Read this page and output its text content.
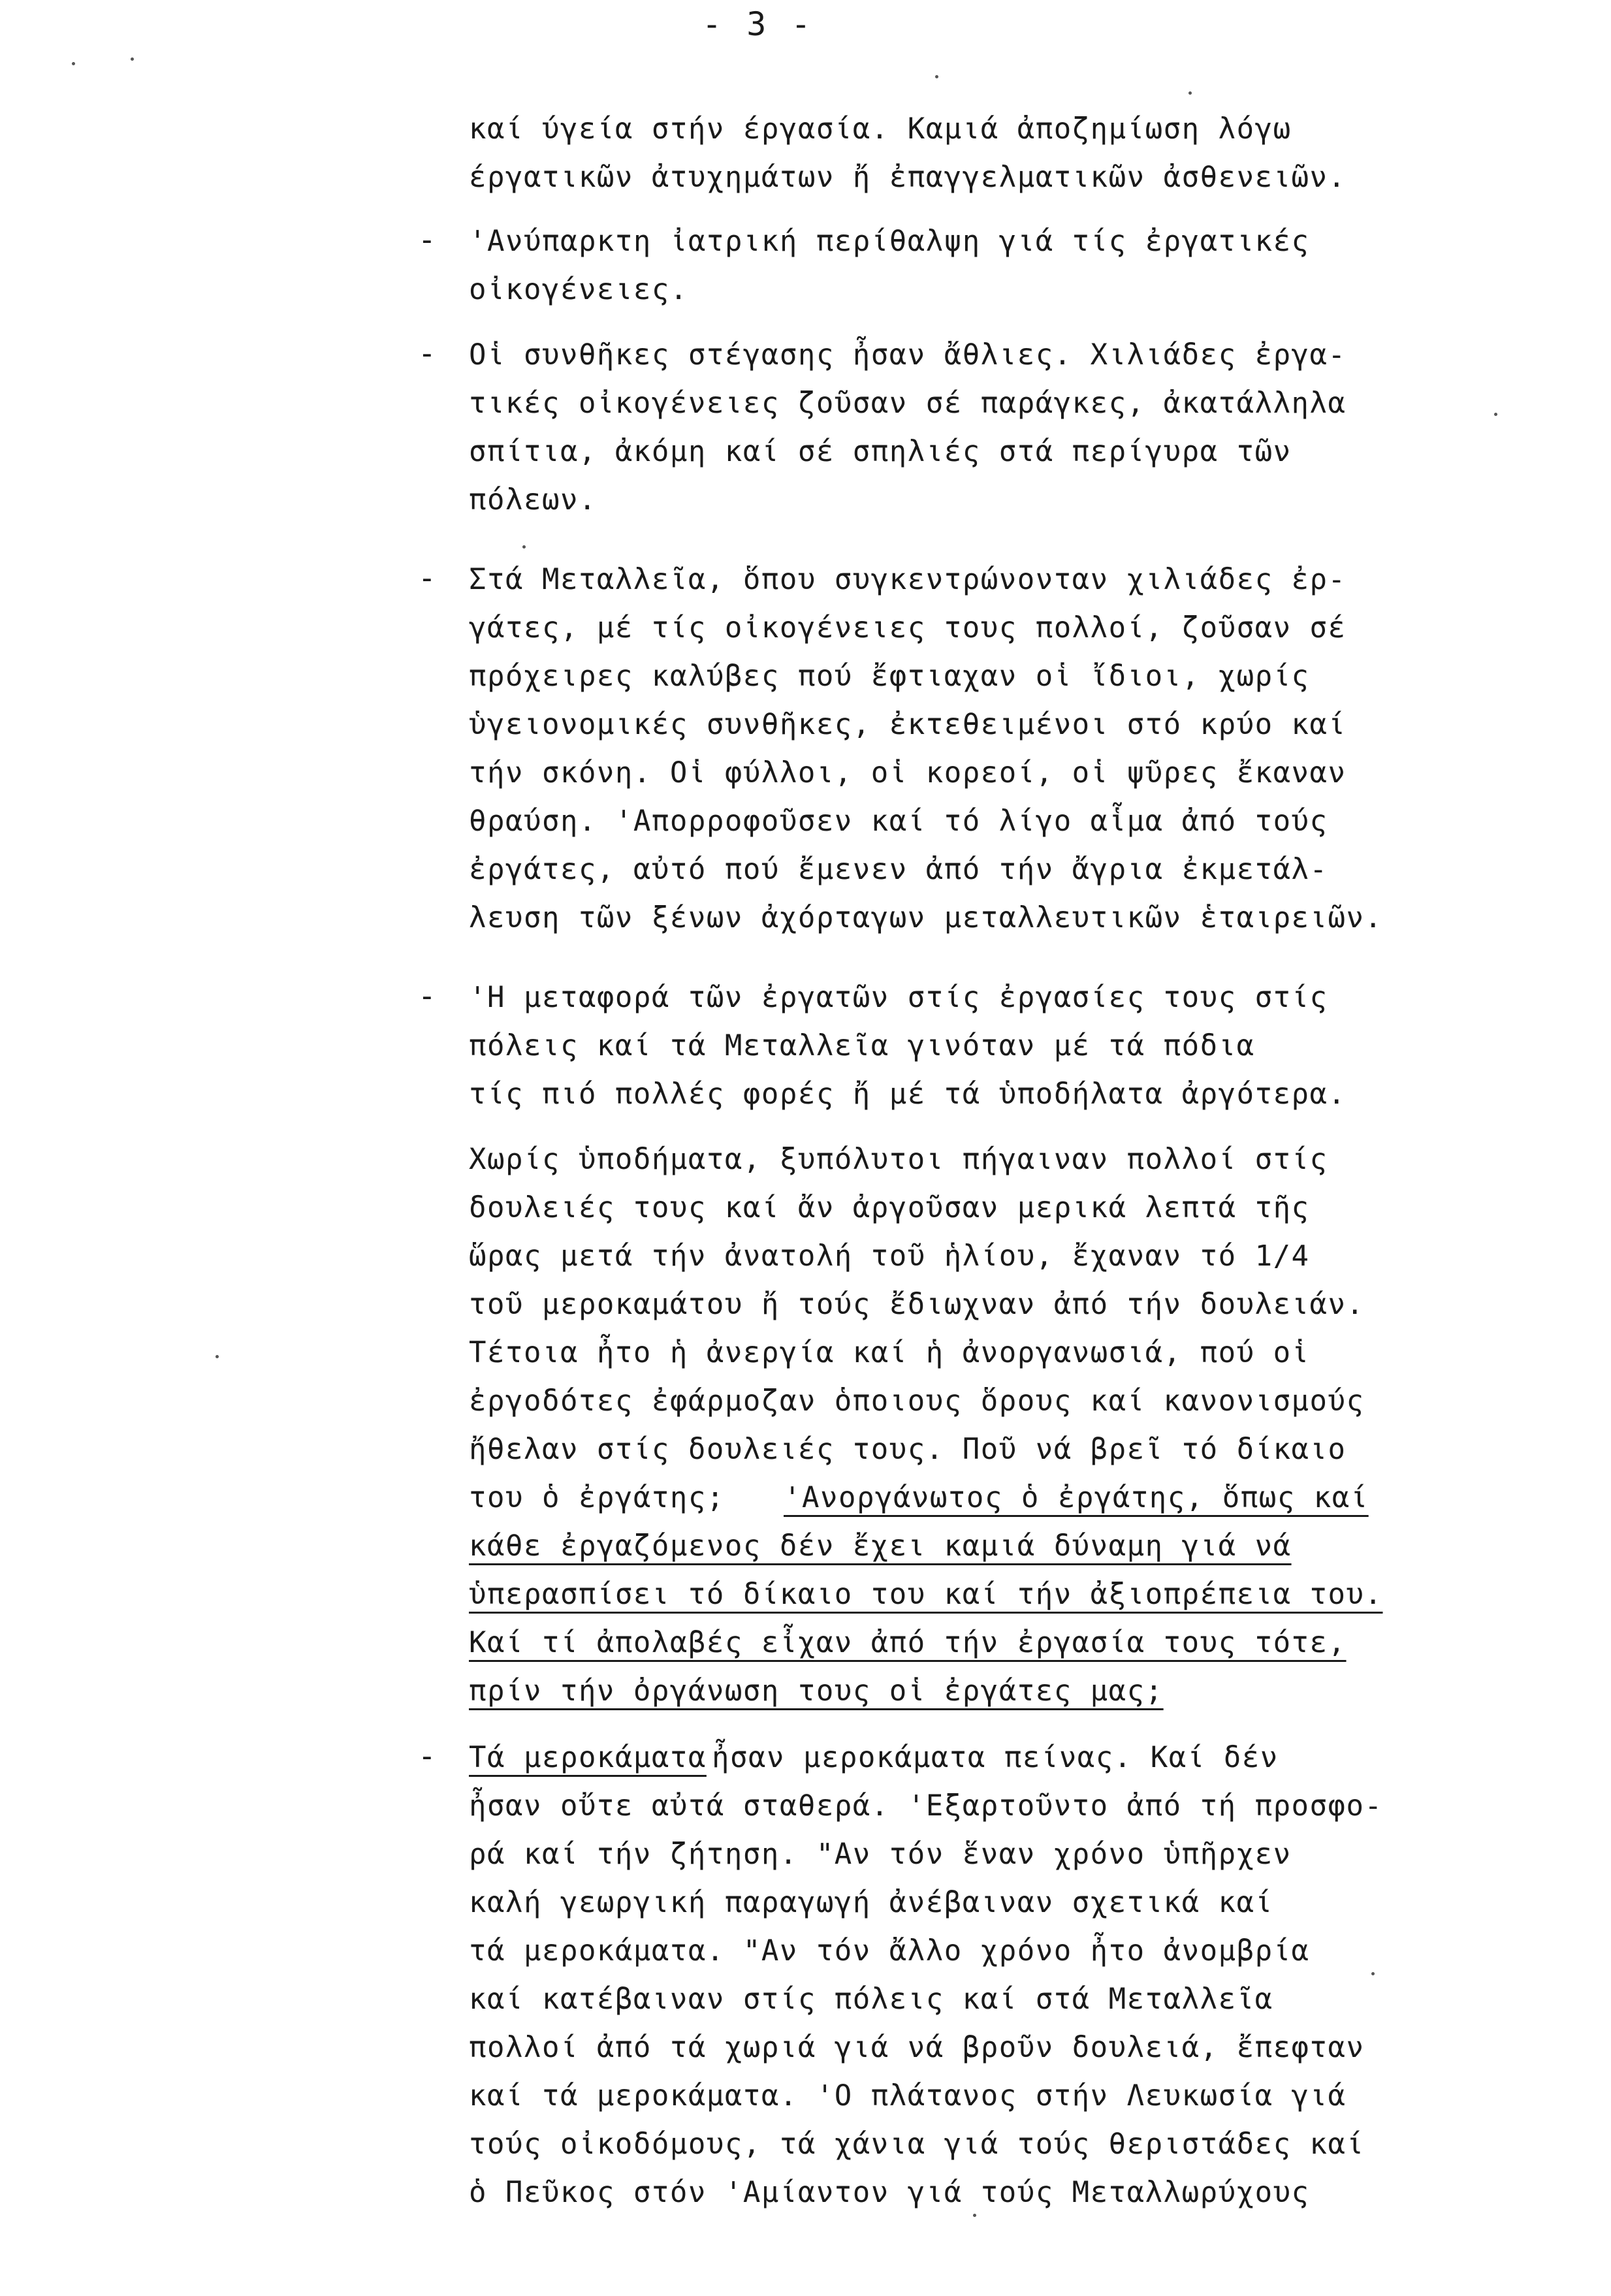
- 3 -
-
-
-
-
-
καί ύγεία στήν έργασία. Καμιά ἀποζημίωση λόγω
έργατικῶν ἀτυχημάτων ἤ ἐπαγγελματικῶν ἀσθενειῶν.
'Ανύπαρκτη ἰατρική περίθαλψη γιά τίς ἐργατικές
οἰκογένειες.
Οἱ συνθῆκες στέγασης ἦσαν ἄθλιες. Χιλιάδες ἐργα-
τικές οἰκογένειες ζοῦσαν σέ παράγκες, ἀκατάλληλα
σπίτια, ἀκόμη καί σέ σπηλιές στά περίγυρα τῶν
πόλεων.
Στά Μεταλλεῖα, ὅπου συγκεντρώνονταν χιλιάδες ἐρ-
γάτες, μέ τίς οἰκογένειες τους πολλοί, ζοῦσαν σέ
πρόχειρες καλύβες πού ἔφτιαχαν οἱ ἴδιοι, χωρίς
ὑγειονομικές συνθῆκες, ἐκτεθειμένοι στό κρύο καί
τήν σκόνη. Οἱ φύλλοι, οἱ κορεοί, οἱ ψῦρες ἔκαναν
θραύση. 'Απορροφοῦσεν καί τό λίγο αἷμα ἀπό τούς
ἐργάτες, αὐτό πού ἔμενεν ἀπό τήν ἄγρια ἐκμετάλ-
λευση τῶν ξένων ἀχόρταγων μεταλλευτικῶν ἑταιρειῶν.
'Η μεταφορά τῶν ἐργατῶν στίς ἐργασίες τους στίς
πόλεις καί τά Μεταλλεῖα γινόταν μέ τά πόδια
τίς πιό πολλές φορές ἤ μέ τά ὑποδήλατα ἀργότερα.
Χωρίς ὑποδήματα, ξυπόλυτοι πήγαιναν πολλοί στίς
δουλειές τους καί ἄν ἀργοῦσαν μερικά λεπτά τῆς
ὥρας μετά τήν ἀνατολή τοῦ ἡλίου, ἔχαναν τό 1/4
τοῦ μεροκαμάτου ἤ τούς ἔδιωχναν ἀπό τήν δουλειάν.
Τέτοια ἦτο ἡ ἀνεργία καί ἡ ἀνοργανωσιά, πού οἱ
ἐργοδότες ἐφάρμοζαν ὁποιους ὅρους καί κανονισμούς
ἤθελαν στίς δουλειές τους. Ποῦ νά βρεῖ τό δίκαιο
του ὁ ἐργάτης; 'Ανοργάνωτος ὁ ἐργάτης, ὅπως καί
κάθε ἐργαζόμενος δέν ἔχει καμιά δύναμη γιά νά
ὑπερασπίσει τό δίκαιο του καί τήν ἀξιοπρέπεια του.
Καί τί ἀπολαβές εἶχαν ἀπό τήν ἐργασία τους τότε,
πρίν τήν ὀργάνωση τους οἱ ἐργάτες μας;
Τά μεροκάματα ἦσαν μεροκάματα πείνας. Καί δέν
ἦσαν οὔτε αὐτά σταθερά. 'Εξαρτοῦντο ἀπό τή προσφο-
ρά καί τήν ζήτηση. "Αν τόν ἕναν χρόνο ὑπῆρχεν
καλή γεωργική παραγωγή ἀνέβαιναν σχετικά καί
τά μεροκάματα. "Αν τόν ἄλλο χρόνο ἦτο ἀνομβρία
καί κατέβαιναν στίς πόλεις καί στά Μεταλλεῖα
πολλοί ἀπό τά χωριά γιά νά βροῦν δουλειά, ἔπεφταν
καί τά μεροκάματα. 'Ο πλάτανος στήν Λευκωσία γιά
τούς οἰκοδόμους, τά χάνια γιά τούς θεριστάδες καί
ὁ Πεῦκος στόν 'Αμίαντον γιά τούς Μεταλλωρύχους
